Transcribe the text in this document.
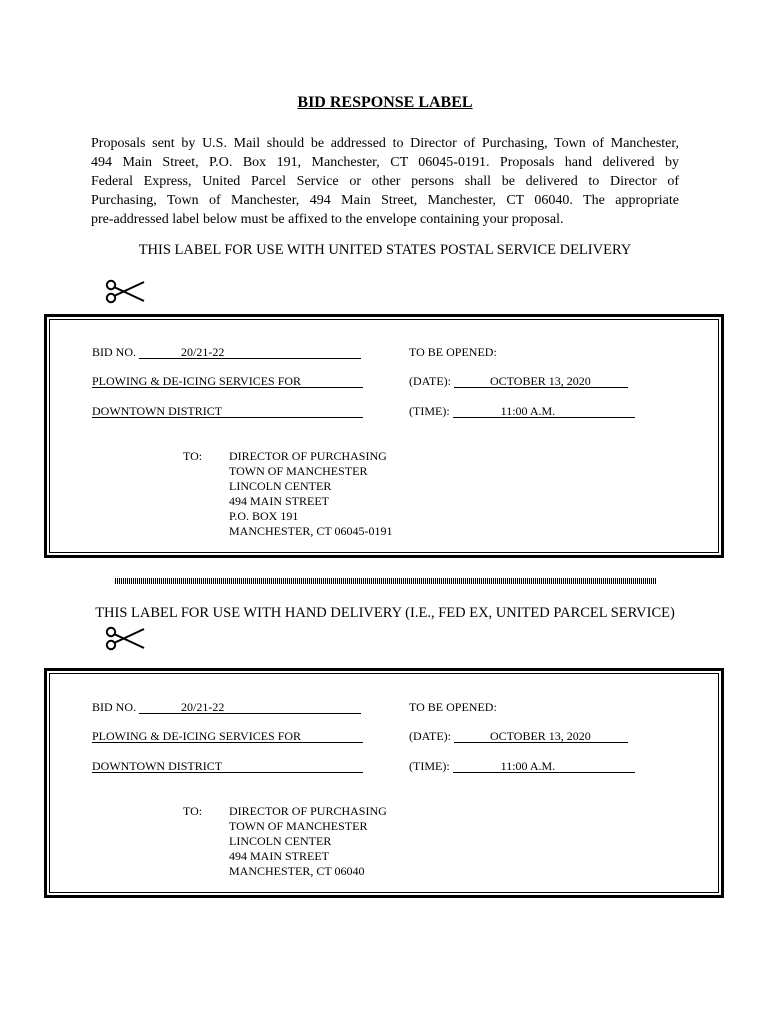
BID RESPONSE LABEL
Proposals sent by U.S. Mail should be addressed to Director of Purchasing, Town of Manchester,
494 Main Street, P.O. Box 191, Manchester, CT 06045-0191. Proposals hand delivered by
Federal Express, United Parcel Service or other persons shall be delivered to Director of
Purchasing, Town of Manchester, 494 Main Street, Manchester, CT 06040. The appropriate
pre-addressed label below must be affixed to the envelope containing your proposal.
THIS LABEL FOR USE WITH UNITED STATES POSTAL SERVICE DELIVERY
BID NO.	20/21-22	TO BE OPENED:
PLOWING & DE-ICING SERVICES FOR	(DATE):	OCTOBER 13, 2020
DOWNTOWN DISTRICT	(TIME):	11:00 A.M.
TO: DIRECTOR OF PURCHASING
TOWN OF MANCHESTER
LINCOLN CENTER
494 MAIN STREET
P.O. BOX 191
MANCHESTER, CT 06045-0191
THIS LABEL FOR USE WITH HAND DELIVERY (I.E., FED EX, UNITED PARCEL SERVICE)
BID NO.	20/21-22	TO BE OPENED:
PLOWING & DE-ICING SERVICES FOR	(DATE):	OCTOBER 13, 2020
DOWNTOWN DISTRICT	(TIME):	11:00 A.M.
TO: DIRECTOR OF PURCHASING
TOWN OF MANCHESTER
LINCOLN CENTER
494 MAIN STREET
MANCHESTER, CT 06040
